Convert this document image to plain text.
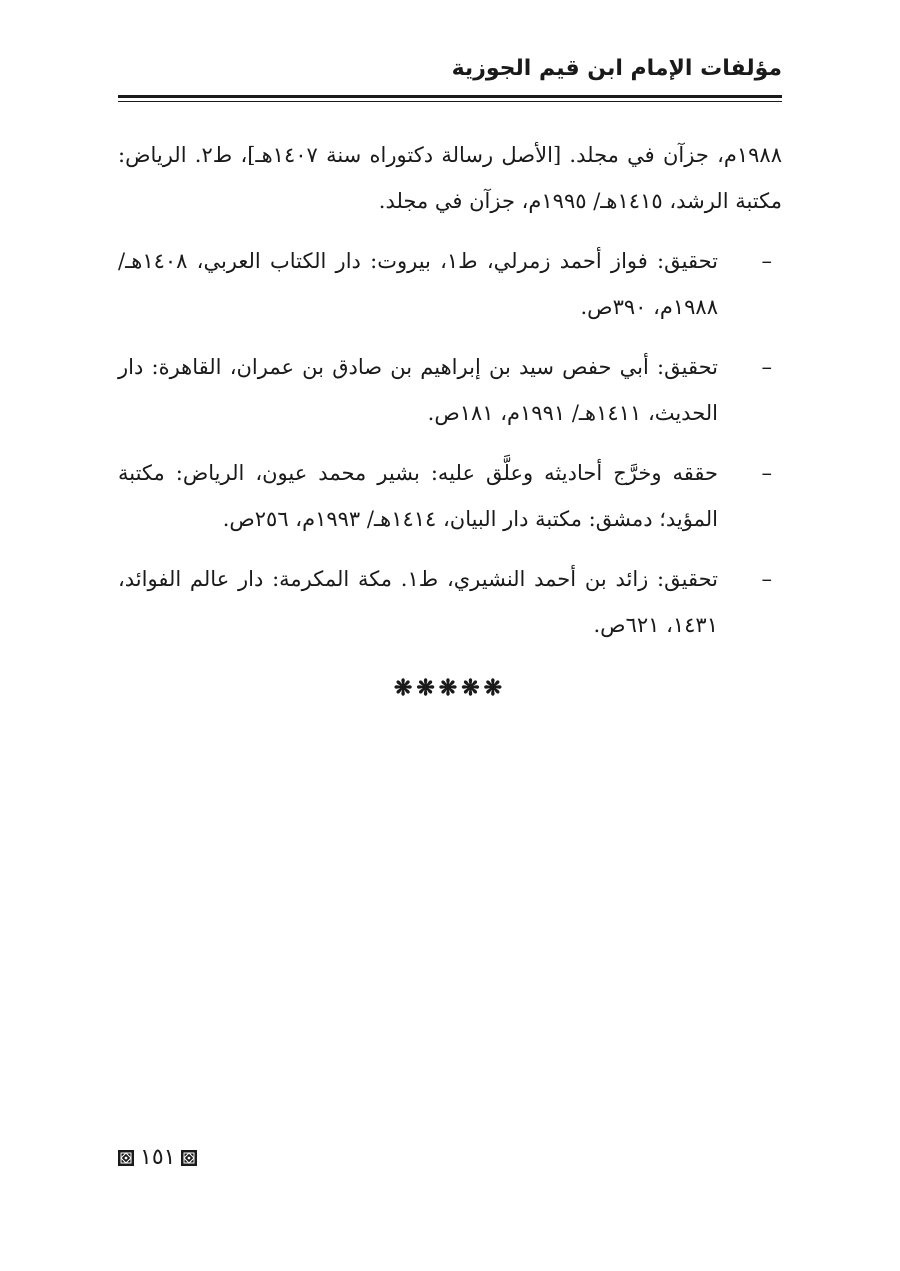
مؤلفات الإمام ابن قيم الجوزية

١٩٨٨م، جزآن في مجلد. [الأصل رسالة دكتوراه سنة ١٤٠٧هـ]، ط٢. الرياض: مكتبة الرشد، ١٤١٥هـ/ ١٩٩٥م، جزآن في مجلد.

–
تحقيق: فواز أحمد زمرلي، ط١، بيروت: دار الكتاب العربي، ١٤٠٨هـ/ ١٩٨٨م، ٣٩٠ص.
–
تحقيق: أبي حفص سيد بن إبراهيم بن صادق بن عمران، القاهرة: دار الحديث، ١٤١١هـ/ ١٩٩١م، ١٨١ص.
–
حققه وخرَّج أحاديثه وعلَّق عليه: بشير محمد عيون، الرياض: مكتبة المؤيد؛ دمشق: مكتبة دار البيان، ١٤١٤هـ/ ١٩٩٣م، ٢٥٦ص.
–
تحقيق: زائد بن أحمد النشيري، ط١. مكة المكرمة: دار عالم الفوائد، ١٤٣١، ٦٢١ص.
❋❋❋❋❋
١٥١
